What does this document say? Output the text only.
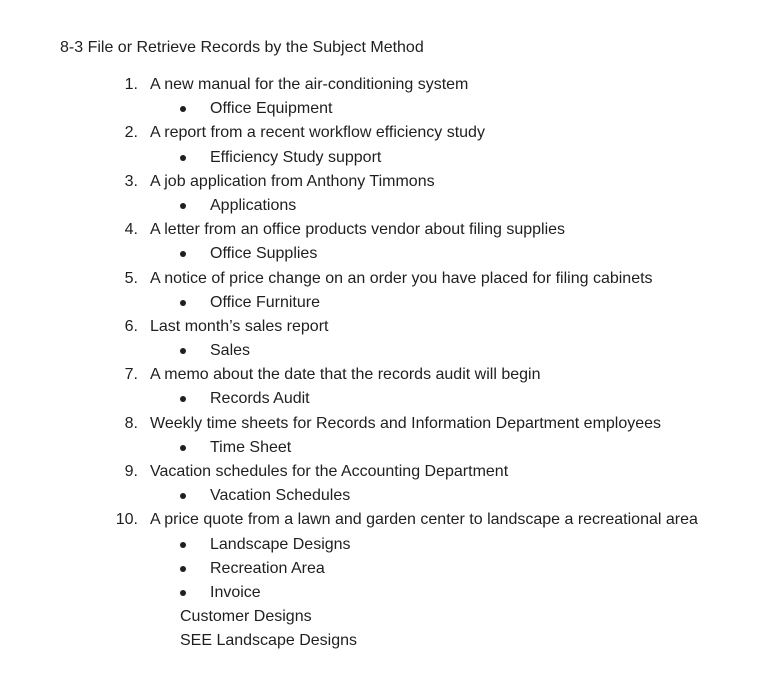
8-3 File or Retrieve Records by the Subject Method
1. A new manual for the air-conditioning system
Office Equipment
2. A report from a recent workflow efficiency study
Efficiency Study support
3. A job application from Anthony Timmons
Applications
4. A letter from an office products vendor about filing supplies
Office Supplies
5. A notice of price change on an order you have placed for filing cabinets
Office Furniture
6. Last month’s sales report
Sales
7. A memo about the date that the records audit will begin
Records Audit
8. Weekly time sheets for Records and Information Department employees
Time Sheet
9. Vacation schedules for the Accounting Department
Vacation Schedules
10. A price quote from a lawn and garden center to landscape a recreational area
Landscape Designs
Recreation Area
Invoice
Customer Designs
SEE Landscape Designs
